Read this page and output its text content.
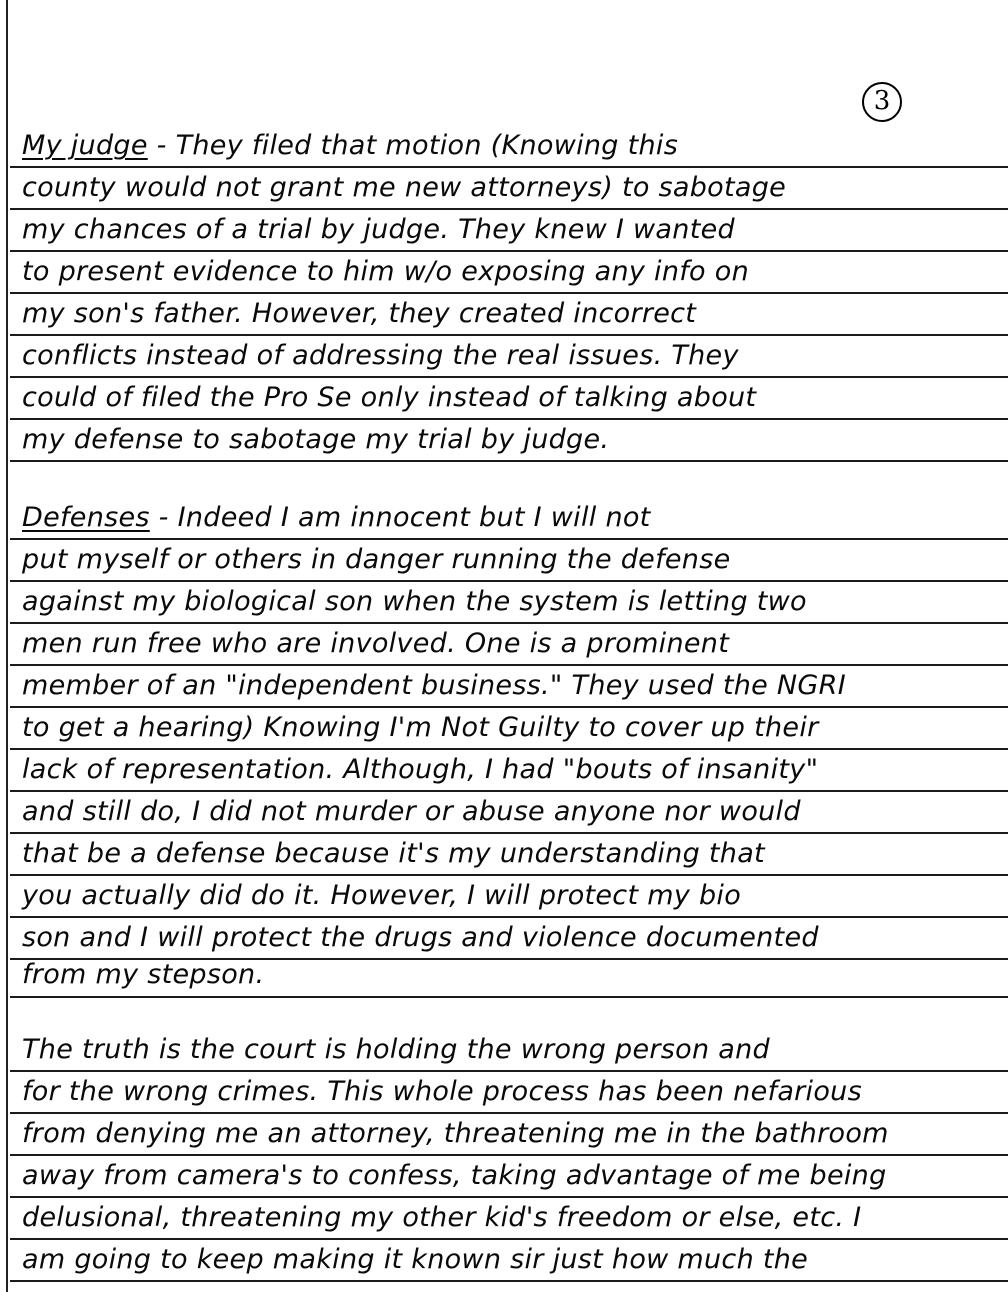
3
My judge - They filed that motion (Knowing this
county would not grant me new attorneys) to sabotage
my chances of a trial by judge. They knew I wanted
to present evidence to him w/o exposing any info on
my son's father. However, they created incorrect
conflicts instead of addressing the real issues. They
could of filed the Pro Se only instead of talking about
my defense to sabotage my trial by judge.
Defenses - Indeed I am innocent but I will not
put myself or others in danger running the defense
against my biological son when the system is letting two
men run free who are involved. One is a prominent
member of an "independent business." They used the NGRI
to get a hearing) Knowing I'm Not Guilty to cover up their
lack of representation. Although, I had "bouts of insanity"
and still do, I did not murder or abuse anyone nor would
that be a defense because it's my understanding that
you actually did do it. However, I will protect my bio
son and I will protect the drugs and violence documented
from my stepson.
The truth is the court is holding the wrong person and
for the wrong crimes. This whole process has been nefarious
from denying me an attorney, threatening me in the bathroom
away from camera's to confess, taking advantage of me being
delusional, threatening my other kid's freedom or else, etc. I
am going to keep making it known sir just how much the
